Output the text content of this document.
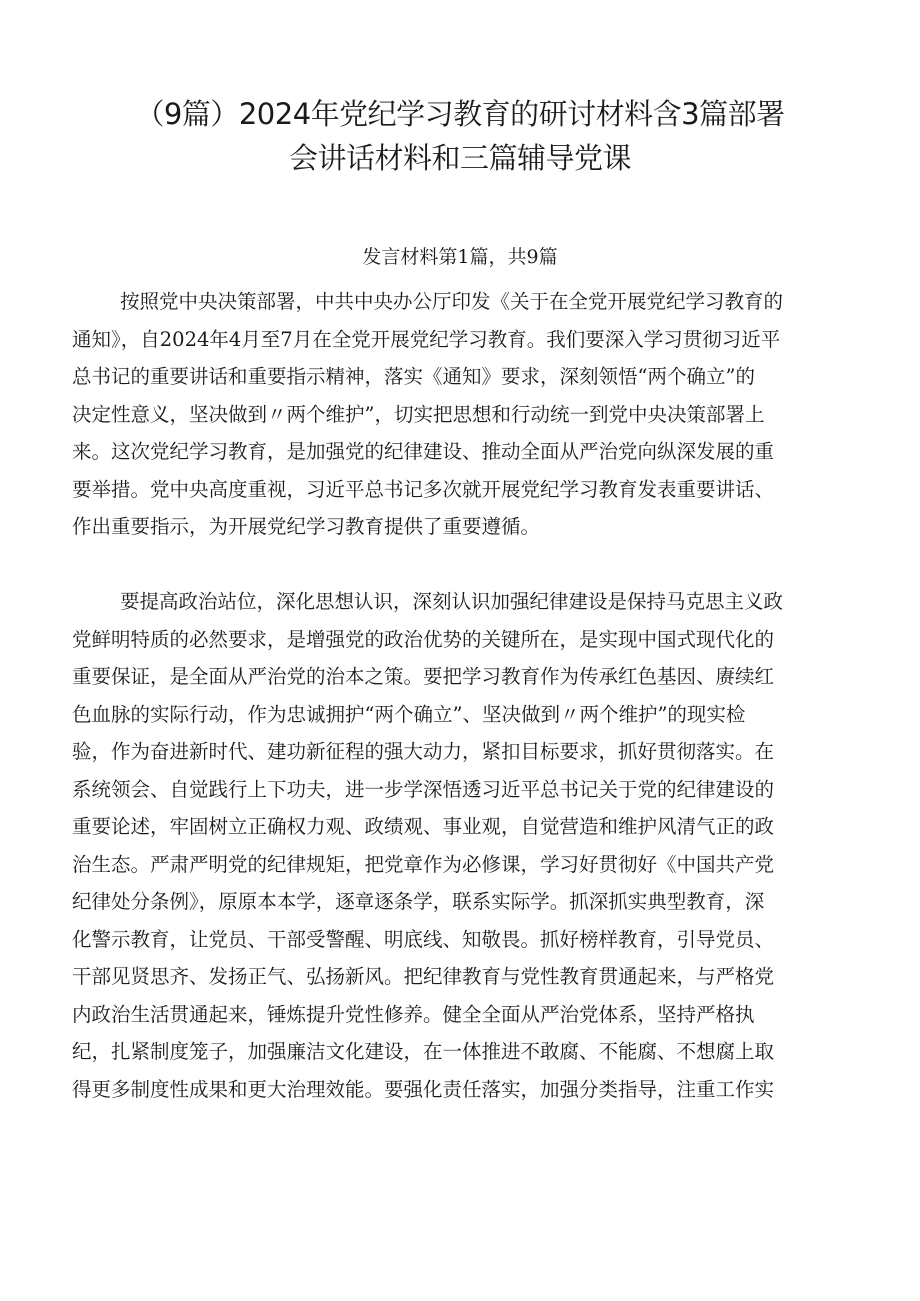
（9篇）2024年党纪学习教育的研讨材料含3篇部署
会讲话材料和三篇辅导党课
发言材料第1篇，共9篇
按照党中央决策部署，中共中央办公厅印发《关于在全党开展党纪学习教育的
通知》，自2024年4月至7月在全党开展党纪学习教育。我们要深入学习贯彻习近平
总书记的重要讲话和重要指示精神，落实《通知》要求，深刻领悟“两个确立”的
决定性意义，坚决做到〃两个维护”，切实把思想和行动统一到党中央决策部署上
来。这次党纪学习教育，是加强党的纪律建设、推动全面从严治党向纵深发展的重
要举措。党中央高度重视，习近平总书记多次就开展党纪学习教育发表重要讲话、
作出重要指示，为开展党纪学习教育提供了重要遵循。
要提高政治站位，深化思想认识，深刻认识加强纪律建设是保持马克思主义政
党鲜明特质的必然要求，是增强党的政治优势的关键所在，是实现中国式现代化的
重要保证，是全面从严治党的治本之策。要把学习教育作为传承红色基因、赓续红
色血脉的实际行动，作为忠诚拥护“两个确立”、坚决做到〃两个维护”的现实检
验，作为奋进新时代、建功新征程的强大动力，紧扣目标要求，抓好贯彻落实。在
系统领会、自觉践行上下功夫，进一步学深悟透习近平总书记关于党的纪律建设的
重要论述，牢固树立正确权力观、政绩观、事业观，自觉营造和维护风清气正的政
治生态。严肃严明党的纪律规矩，把党章作为必修课，学习好贯彻好《中国共产党
纪律处分条例》，原原本本学，逐章逐条学，联系实际学。抓深抓实典型教育，深
化警示教育，让党员、干部受警醒、明底线、知敬畏。抓好榜样教育，引导党员、
干部见贤思齐、发扬正气、弘扬新风。把纪律教育与党性教育贯通起来，与严格党
内政治生活贯通起来，锤炼提升党性修养。健全全面从严治党体系，坚持严格执
纪，扎紧制度笼子，加强廉洁文化建设，在一体推进不敢腐、不能腐、不想腐上取
得更多制度性成果和更大治理效能。要强化责任落实，加强分类指导，注重工作实
